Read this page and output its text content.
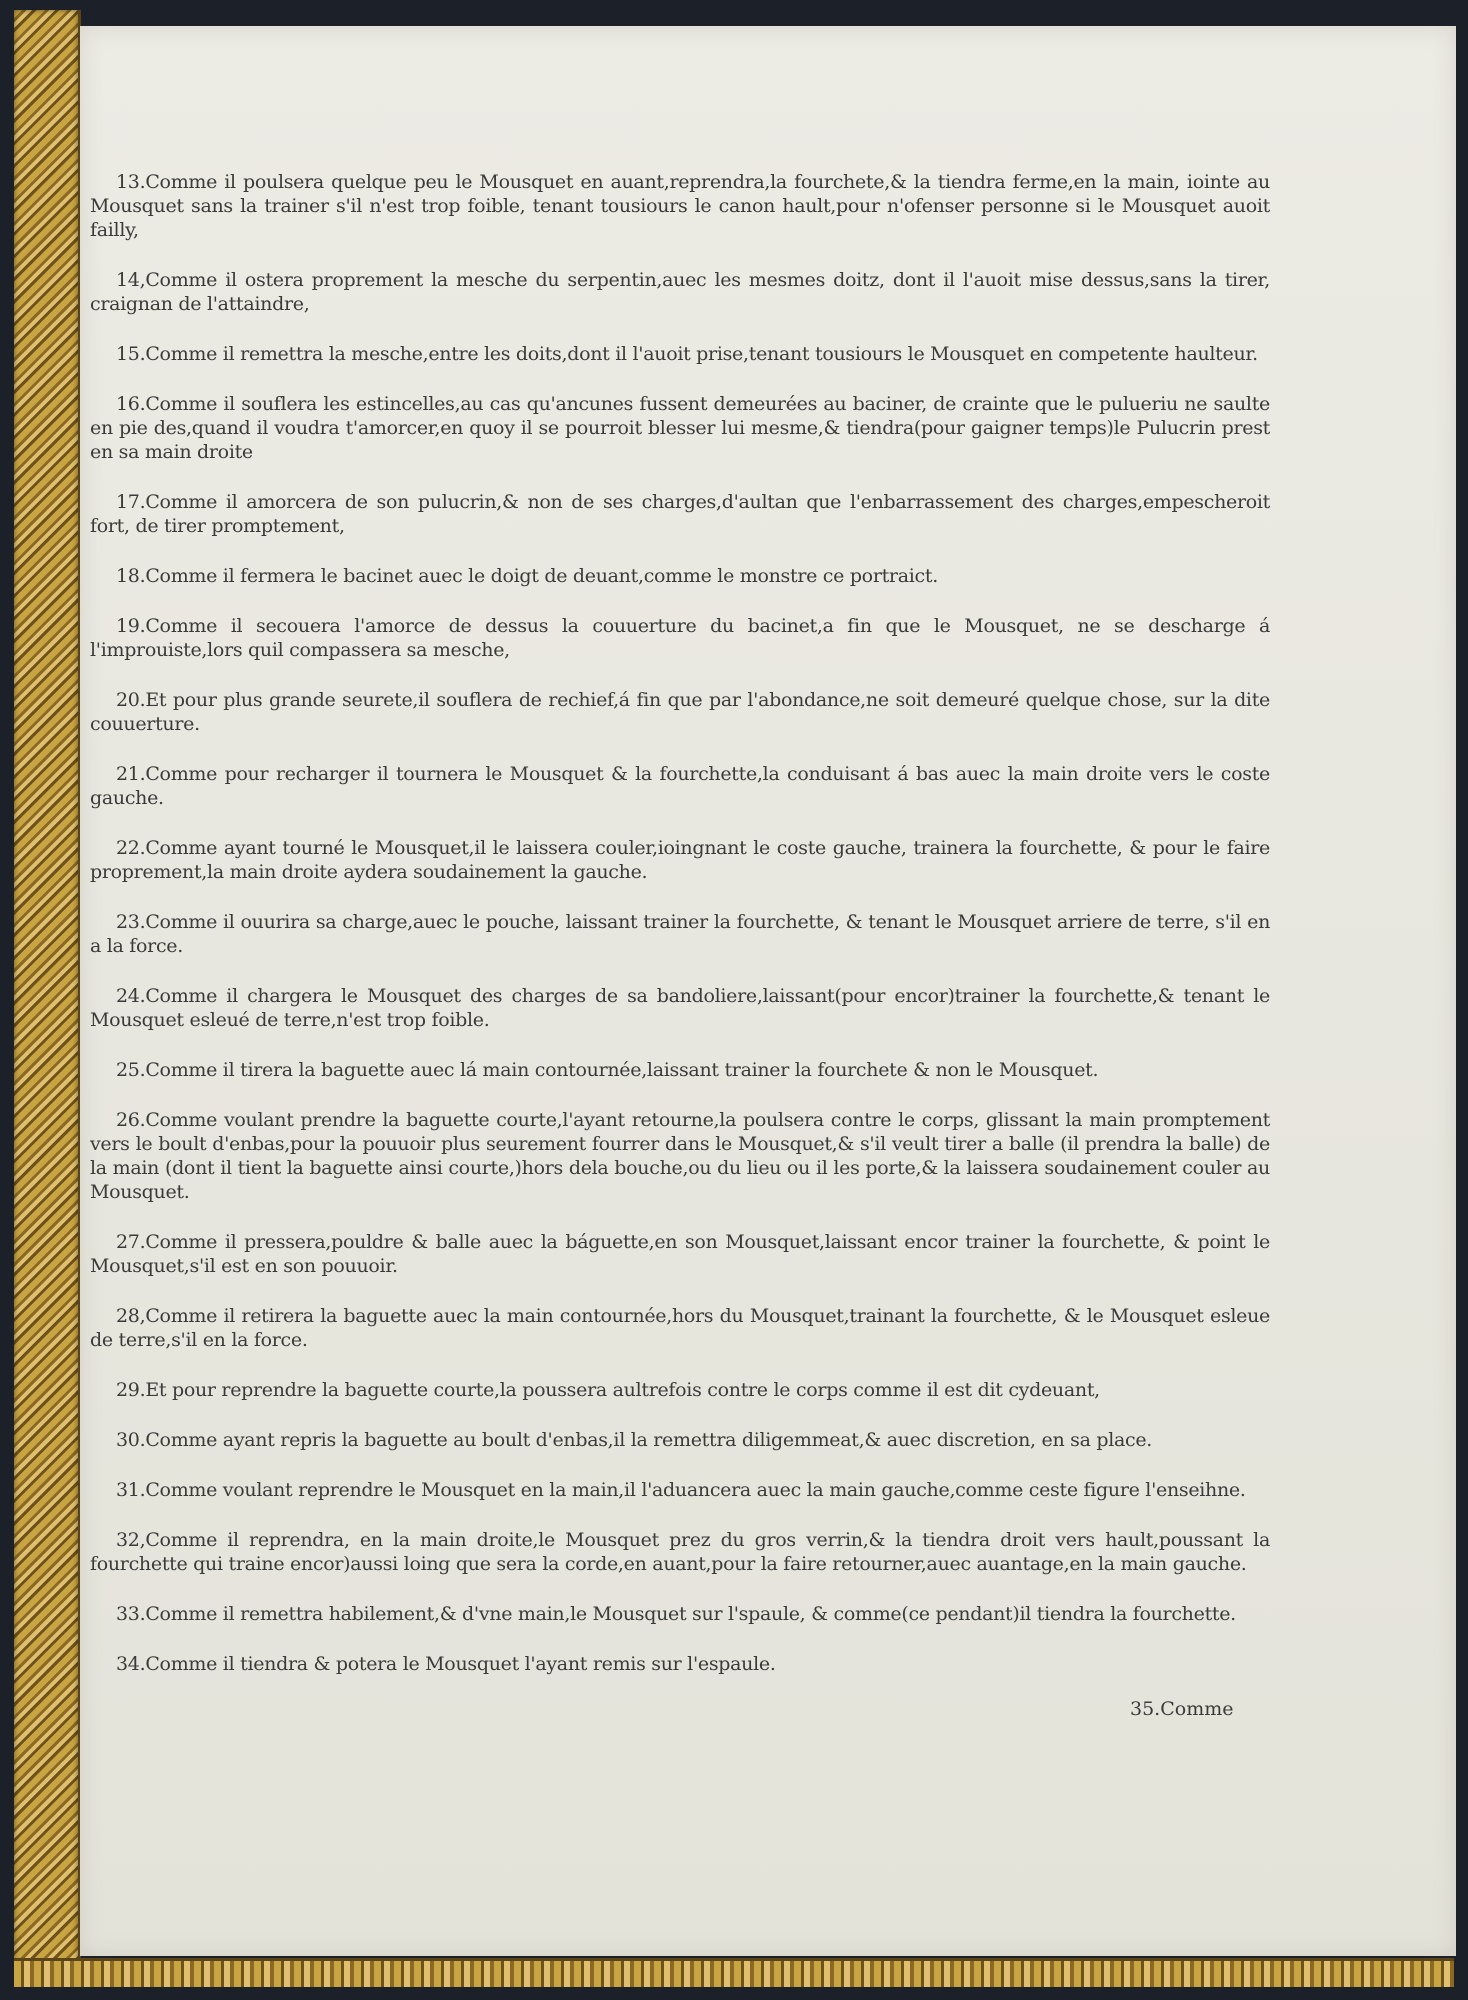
13.Comme il poulsera quelque peu le Mousquet en auant,reprendra,la fourchete,& la tiendra ferme,en la main, iointe au Mousquet sans la trainer s'il n'est trop foible, tenant tousiours le canon hault,pour n'ofenser personne si le Mousquet auoit failly,

14,Comme il ostera proprement la mesche du serpentin,auec les mesmes doitz, dont il l'auoit mise dessus,sans la tirer, craignan de l'attaindre,

15.Comme il remettra la mesche,entre les doits,dont il l'auoit prise,tenant tousiours le Mousquet en competente haulteur.

16.Comme il souflera les estincelles,au cas qu'ancunes fussent demeurées au baciner, de crainte que le pulueriu ne saulte en pie des,quand il voudra t'amorcer,en quoy il se pourroit blesser lui mesme,& tiendra(pour gaigner temps)le Pulucrin prest en sa main droite

17.Comme il amorcera de son pulucrin,& non de ses charges,d'aultan que l'enbarrassement des charges,empescheroit fort, de tirer promptement,

18.Comme il fermera le bacinet auec le doigt de deuant,comme le monstre ce portraict.

19.Comme il secouera l'amorce de dessus la couuerture du bacinet,a fin que le Mousquet, ne se descharge á l'improuiste,lors quil compassera sa mesche,

20.Et pour plus grande seurete,il souflera de rechief,á fin que par l'abondance,ne soit demeuré quelque chose, sur la dite couuerture.

21.Comme pour recharger il tournera le Mousquet & la fourchette,la conduisant á bas auec la main droite vers le coste gauche.

22.Comme ayant tourné le Mousquet,il le laissera couler,ioingnant le coste gauche, trainera la fourchette, & pour le faire proprement,la main droite aydera soudainement la gauche.

23.Comme il ouurira sa charge,auec le pouche, laissant trainer la fourchette, & tenant le Mousquet arriere de terre, s'il en a la force.

24.Comme il chargera le Mousquet des charges de sa bandoliere,laissant(pour encor)trainer la fourchette,& tenant le Mousquet esleué de terre,n'est trop foible.

25.Comme il tirera la baguette auec lá main contournée,laissant trainer la fourchete & non le Mousquet.

26.Comme voulant prendre la baguette courte,l'ayant retourne,la poulsera contre le corps, glissant la main promptement vers le boult d'enbas,pour la pouuoir plus seurement fourrer dans le Mousquet,& s'il veult tirer a balle (il prendra la balle) de la main (dont il tient la baguette ainsi courte,)hors dela bouche,ou du lieu ou il les porte,& la laissera soudainement couler au Mousquet.

27.Comme il pressera,pouldre & balle auec la báguette,en son Mousquet,laissant encor trainer la fourchette, & point le Mousquet,s'il est en son pouuoir.

28,Comme il retirera la baguette auec la main contournée,hors du Mousquet,trainant la fourchette, & le Mousquet esleue de terre,s'il en la force.

29.Et pour reprendre la baguette courte,la poussera aultrefois contre le corps comme il est dit cydeuant,

30.Comme ayant repris la baguette au boult d'enbas,il la remettra diligemmeat,& auec discretion, en sa place.

31.Comme voulant reprendre le Mousquet en la main,il l'aduancera auec la main gauche,comme ceste figure l'enseihne.

32,Comme il reprendra, en la main droite,le Mousquet prez du gros verrin,& la tiendra droit vers hault,poussant la fourchette qui traine encor)aussi loing que sera la corde,en auant,pour la faire retourner,auec auantage,en la main gauche.

33.Comme il remettra habilement,& d'vne main,le Mousquet sur l'spaule, & comme(ce pendant)il tiendra la fourchette.

34.Comme il tiendra & potera le Mousquet l'ayant remis sur l'espaule.

35.Comme
